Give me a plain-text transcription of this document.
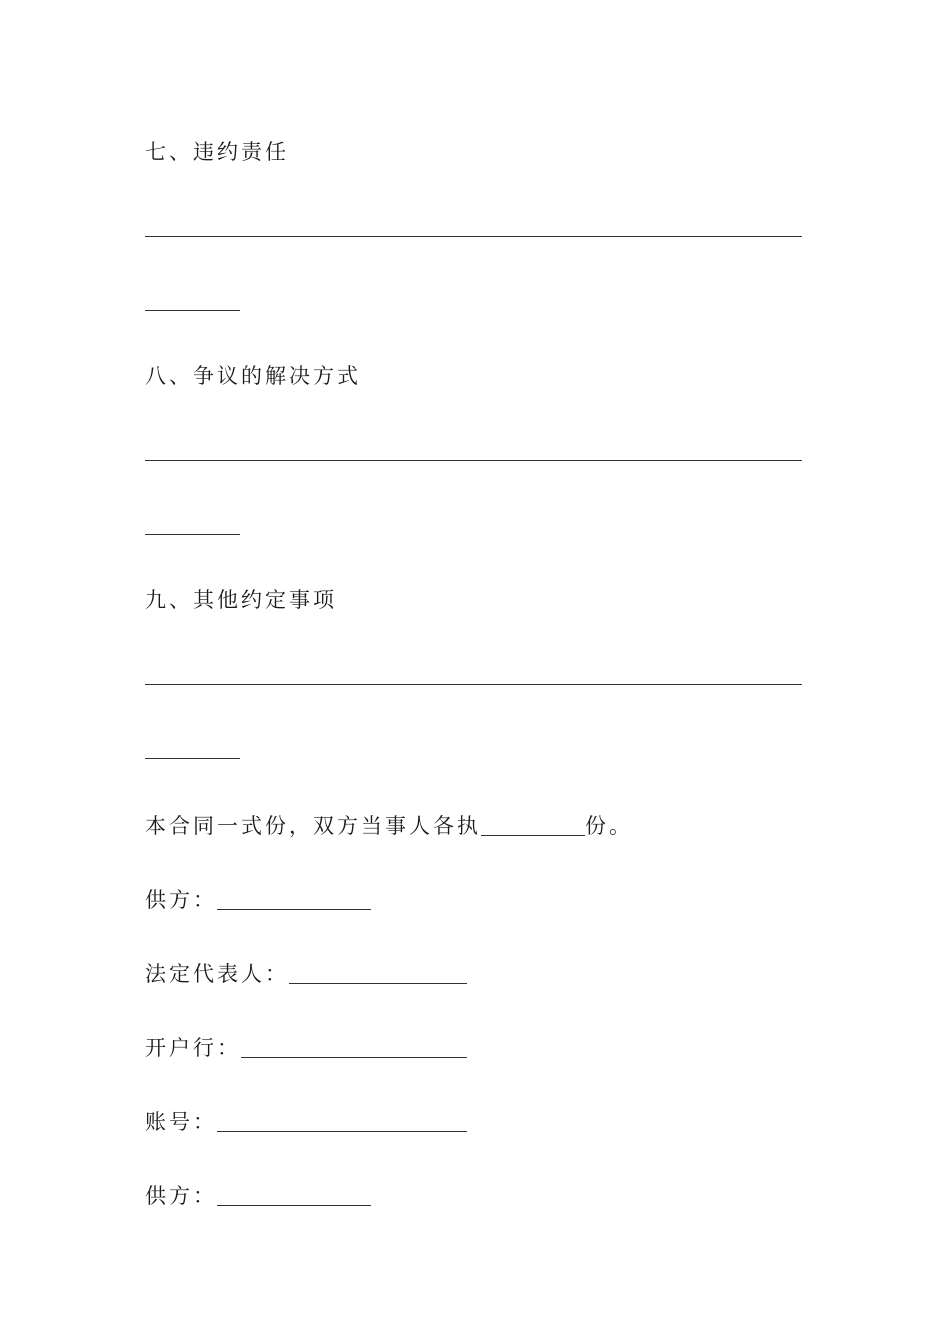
七、违约责任
八、争议的解决方式
九、其他约定事项
本合同一式份，双方当事人各执	份。
供方：
法定代表人：
开户行：
账号：
供方：
